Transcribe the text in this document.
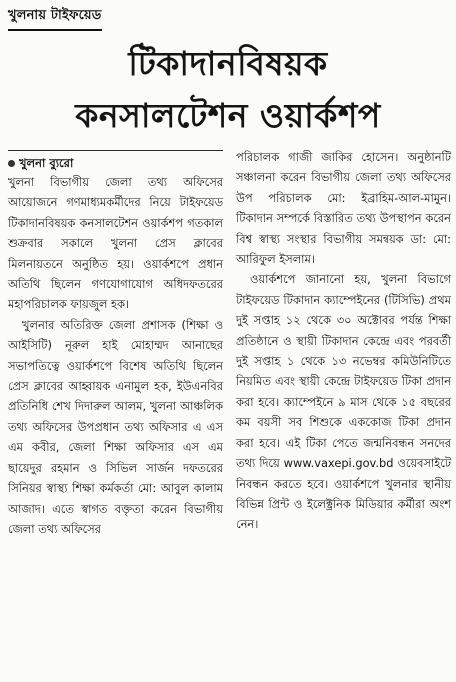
খুলনায় টাইফয়েড
টিকাদানবিষয়ক
কনসালটেশন ওয়ার্কশপ
খুলনা ব্যুরো

খুলনা বিভাগীয় জেলা তথ্য অফিসের আয়োজনে গণমাধ্যমকর্মীদের নিয়ে টাইফয়েড টিকাদানবিষয়ক কনসালটেশন ওয়ার্কশপ গতকাল শুক্রবার সকালে খুলনা প্রেস ক্লাবের মিলনায়তনে অনুষ্ঠিত হয়। ওয়ার্কশপে প্রধান অতিথি ছিলেন গণযোগাযোগ অধিদফতরের মহাপরিচালক ফায়জুল হক।

খুলনার অতিরিক্ত জেলা প্রশাসক (শিক্ষা ও আইসিটি) নূরুল হাই মোহাম্মদ আনাছের সভাপতিত্বে ওয়ার্কশপে বিশেষ অতিথি ছিলেন প্রেস ক্লাবের আহ্বায়ক এনামুল হক, ইউএনবির প্রতিনিধি শেখ দিদারুল আলম, খুলনা আঞ্চলিক তথ্য অফিসের উপপ্রধান তথ্য অফিসার এ এস এম কবীর, জেলা শিক্ষা অফিসার এস এম ছায়েদুর রহমান ও সিভিল সার্জন দফতরের সিনিয়র স্বাস্থ্য শিক্ষা কর্মকর্তা মো: আবুল কালাম আজাদ। এতে স্বাগত বক্তৃতা করেন বিভাগীয় জেলা তথ্য অফিসের

পরিচালক গাজী জাকির হোসেন। অনুষ্ঠানটি সঞ্চালনা করেন বিভাগীয় জেলা তথ্য অফিসের উপ পরিচালক মো: ইব্রাহিম-আল-মামুন। টিকাদান সম্পর্কে বিস্তারিত তথ্য উপস্থাপন করেন বিশ্ব স্বাস্থ্য সংস্থার বিভাগীয় সমন্বয়ক ডা: মো: আরিফুল ইসলাম।

ওয়ার্কশপে জানানো হয়, খুলনা বিভাগে টাইফয়েড টিকাদান ক্যাম্পেইনের (টিসিভি) প্রথম দুই সপ্তাহ ১২ থেকে ৩০ অক্টোবর পর্যন্ত শিক্ষা প্রতিষ্ঠানে ও স্থায়ী টিকাদান কেন্দ্রে এবং পরবর্তী দুই সপ্তাহ ১ থেকে ১৩ নভেম্বর কমিউনিটিতে নিয়মিত এবং স্থায়ী কেন্দ্রে টাইফয়েড টিকা প্রদান করা হবে। ক্যাম্পেইনে ৯ মাস থেকে ১৫ বছরের কম বয়সী সব শিশুকে এককোজ টিকা প্রদান করা হবে। এই টিকা পেতে জন্মনিবন্ধন সনদের তথ্য দিয়ে www.vaxepi.gov.bd ওয়েবসাইটে নিবন্ধন করতে হবে। ওয়ার্কশপে খুলনার স্থানীয় বিভিন্ন প্রিন্ট ও ইলেক্ট্রনিক মিডিয়ার কর্মীরা অংশ নেন।
